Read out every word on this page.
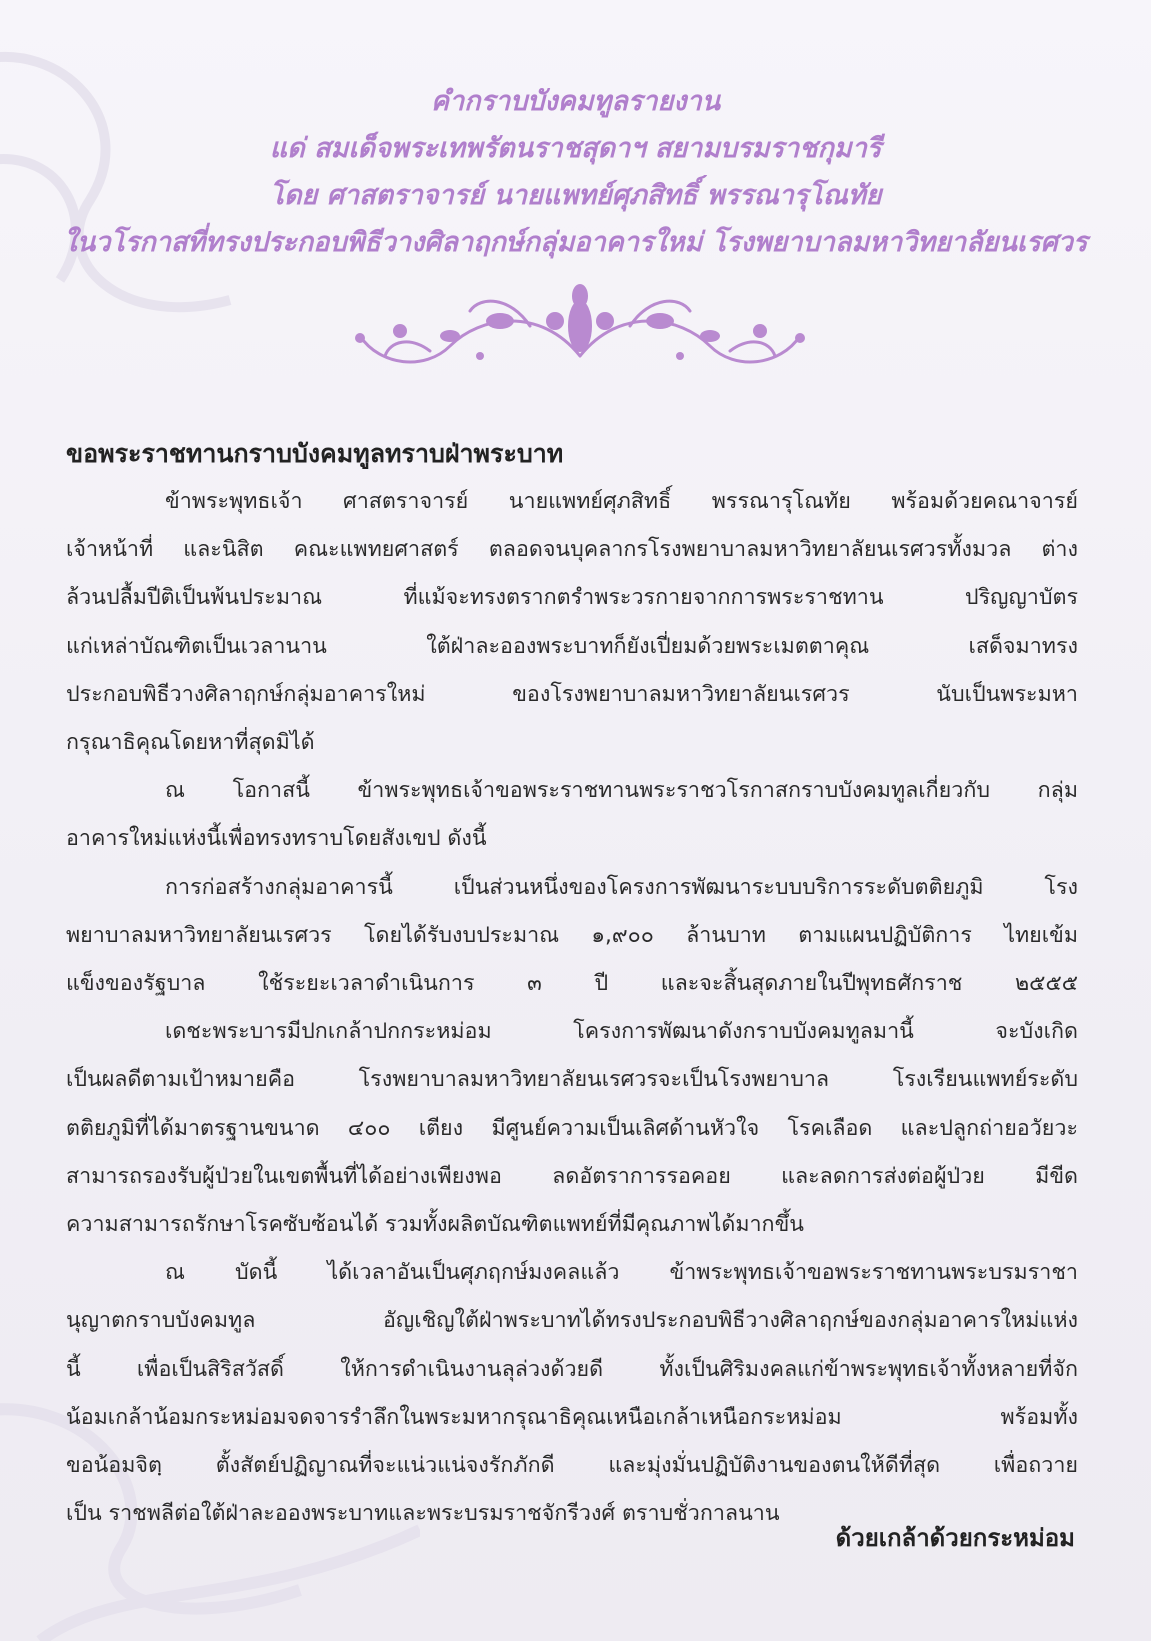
คำกราบบังคมทูลรายงาน
แด่ สมเด็จพระเทพรัตนราชสุดาฯ สยามบรมราชกุมารี
โดย ศาสตราจารย์ นายแพทย์ศุภสิทธิ์ พรรณารุโณทัย
ในวโรกาสที่ทรงประกอบพิธีวางศิลาฤกษ์กลุ่มอาคารใหม่ โรงพยาบาลมหาวิทยาลัยนเรศวร
ขอพระราชทานกราบบังคมทูลทราบฝ่าพระบาท
ข้าพระพุทธเจ้า ศาสตราจารย์ นายแพทย์ศุภสิทธิ์ พรรณารุโณทัย พร้อมด้วยคณาจารย์
เจ้าหน้าที่ และนิสิต คณะแพทยศาสตร์ ตลอดจนบุคลากรโรงพยาบาลมหาวิทยาลัยนเรศวรทั้งมวล ต่าง
ล้วนปลื้มปีติเป็นพ้นประมาณ ที่แม้จะทรงตรากตรำพระวรกายจากการพระราชทาน ปริญญาบัตร
แก่เหล่าบัณฑิตเป็นเวลานาน ใต้ฝ่าละอองพระบาทก็ยังเปี่ยมด้วยพระเมตตาคุณ เสด็จมาทรง
ประกอบพิธีวางศิลาฤกษ์กลุ่มอาคารใหม่ ของโรงพยาบาลมหาวิทยาลัยนเรศวร นับเป็นพระมหา
กรุณาธิคุณโดยหาที่สุดมิได้
ณ โอกาสนี้ ข้าพระพุทธเจ้าขอพระราชทานพระราชวโรกาสกราบบังคมทูลเกี่ยวกับ กลุ่ม
อาคารใหม่แห่งนี้เพื่อทรงทราบโดยสังเขป ดังนี้
การก่อสร้างกลุ่มอาคารนี้ เป็นส่วนหนึ่งของโครงการพัฒนาระบบบริการระดับตติยภูมิ โรง
พยาบาลมหาวิทยาลัยนเรศวร โดยได้รับงบประมาณ ๑,๙๐๐ ล้านบาท ตามแผนปฏิบัติการ ไทยเข้ม
แข็งของรัฐบาล ใช้ระยะเวลาดำเนินการ ๓ ปี และจะสิ้นสุดภายในปีพุทธศักราช ๒๕๕๕
เดชะพระบารมีปกเกล้าปกกระหม่อม โครงการพัฒนาดังกราบบังคมทูลมานี้ จะบังเกิด
เป็นผลดีตามเป้าหมายคือ โรงพยาบาลมหาวิทยาลัยนเรศวรจะเป็นโรงพยาบาล โรงเรียนแพทย์ระดับ
ตติยภูมิที่ได้มาตรฐานขนาด ๔๐๐ เตียง มีศูนย์ความเป็นเลิศด้านหัวใจ โรคเลือด และปลูกถ่ายอวัยวะ
สามารถรองรับผู้ป่วยในเขตพื้นที่ได้อย่างเพียงพอ ลดอัตราการรอคอย และลดการส่งต่อผู้ป่วย มีขีด
ความสามารถรักษาโรคซับซ้อนได้ รวมทั้งผลิตบัณฑิตแพทย์ที่มีคุณภาพได้มากขึ้น
ณ บัดนี้ ได้เวลาอันเป็นศุภฤกษ์มงคลแล้ว ข้าพระพุทธเจ้าขอพระราชทานพระบรมราชา
นุญาตกราบบังคมทูล อัญเชิญใต้ฝ่าพระบาทได้ทรงประกอบพิธีวางศิลาฤกษ์ของกลุ่มอาคารใหม่แห่ง
นี้ เพื่อเป็นสิริสวัสดิ์ ให้การดำเนินงานลุล่วงด้วยดี ทั้งเป็นศิริมงคลแก่ข้าพระพุทธเจ้าทั้งหลายที่จัก
น้อมเกล้าน้อมกระหม่อมจดจารรำลึกในพระมหากรุณาธิคุณเหนือเกล้าเหนือกระหม่อม พร้อมทั้ง
ขอน้อมจิตฺ ตั้งสัตย์ปฏิญาณที่จะแน่วแน่จงรักภักดี และมุ่งมั่นปฏิบัติงานของตนให้ดีที่สุด เพื่อถวาย
เป็น ราชพลีต่อใต้ฝ่าละอองพระบาทและพระบรมราชจักรีวงศ์ ตราบชั่วกาลนาน
ด้วยเกล้าด้วยกระหม่อม
